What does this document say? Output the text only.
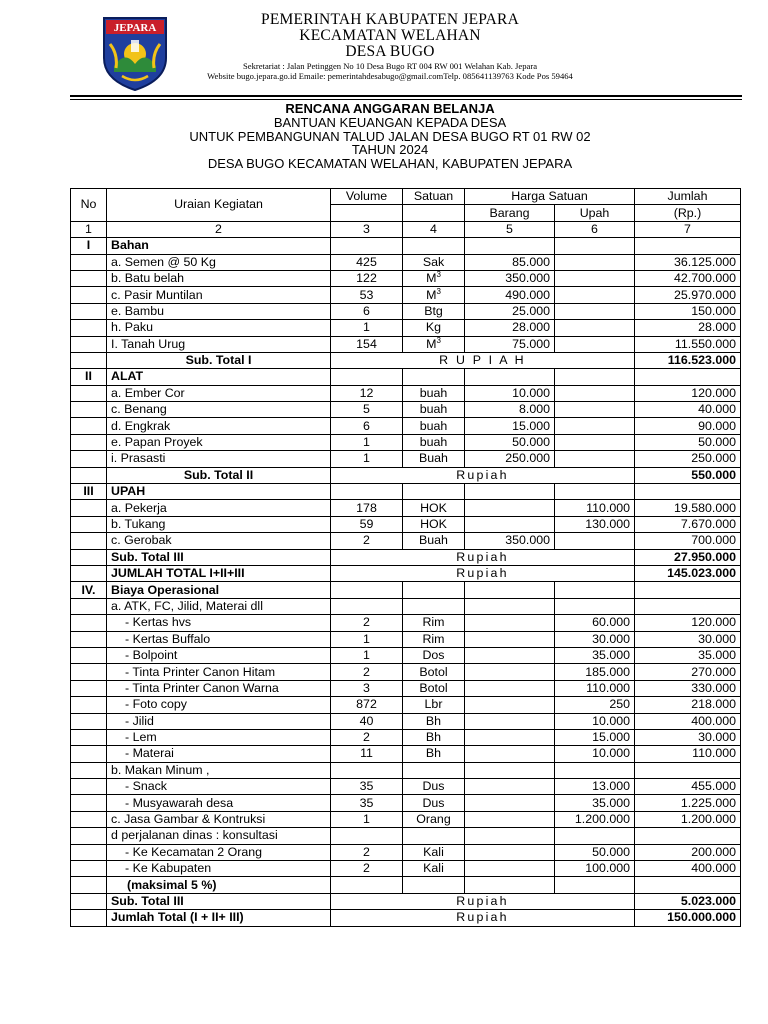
JEPARA	PEMERINTAH KABUPATEN JEPARA
KECAMATAN WELAHAN
DESA BUGO
Sekretariat : Jalan Petinggen No 10 Desa Bugo RT 004 RW 001 Welahan Kab. Jepara
Website bugo.jepara.go.id Emaile: pemerintahdesabugo@gmail.comTelp. 085641139763 Kode Pos 59464
RENCANA ANGGARAN BELANJA
BANTUAN KEUANGAN KEPADA DESA
UNTUK PEMBANGUNAN TALUD JALAN DESA BUGO RT 01 RW 02
TAHUN 2024
DESA BUGO KECAMATAN WELAHAN, KABUPATEN JEPARA
No	Uraian Kegiatan	Volume	Satuan	Harga Satuan		Jumlah
				Barang	Upah	(Rp.)
1	2	3	4	5	6	7
I	Bahan					
	a. Semen @ 50 Kg	425	Sak	85.000		36.125.000
	b. Batu belah	122	$M^3$	350.000		42.700.000
	c. Pasir Muntilan	53	$M^3$	490.000		25.970.000
	e. Bambu	6	Btg	25.000		150.000
	h. Paku	1	Kg	28.000		28.000
	I. Tanah Urug	154	$M^3$	75.000		11.550.000
	Sub. Total I	R U P I A H				116.523.000
II	ALAT					
	a. Ember Cor	12	buah	10.000		120.000
	c. Benang	5	buah	8.000		40.000
	d. Engkrak	6	buah	15.000		90.000
	e. Papan Proyek	1	buah	50.000		50.000
	i. Prasasti	1	Buah	250.000		250.000
	Sub. Total II	Rupiah				550.000
III	UPAH					
	a. Pekerja	178	HOK		110.000	19.580.000
	b. Tukang	59	HOK		130.000	7.670.000
	c. Gerobak	2	Buah	350.000		700.000
	Sub. Total III	Rupiah				27.950.000
	JUMLAH TOTAL I+II+III	Rupiah				145.023.000
IV.	Biaya Operasional					
	a. ATK, FC, Jilid, Materai dll					
	- Kertas hvs	2	Rim		60.000	120.000
	- Kertas Buffalo	1	Rim		30.000	30.000
	- Bolpoint	1	Dos		35.000	35.000
	- Tinta Printer Canon Hitam	2	Botol		185.000	270.000
	- Tinta Printer Canon Warna	3	Botol		110.000	330.000
	- Foto copy	872	Lbr		250	218.000
	- Jilid	40	Bh		10.000	400.000
	- Lem	2	Bh		15.000	30.000
	- Materai	11	Bh		10.000	110.000
	b. Makan Minum ,					
	- Snack	35	Dus		13.000	455.000
	- Musyawarah desa	35	Dus		35.000	1.225.000
	c. Jasa Gambar & Kontruksi	1	Orang		1.200.000	1.200.000
	d perjalanan dinas : konsultasi					
	- Ke Kecamatan 2 Orang	2	Kali		50.000	200.000
	- Ke Kabupaten	2	Kali		100.000	400.000
	(maksimal 5 %)					
	Sub. Total III	Rupiah				5.023.000
	Jumlah Total (I + II+ III)	Rupiah				150.000.000
